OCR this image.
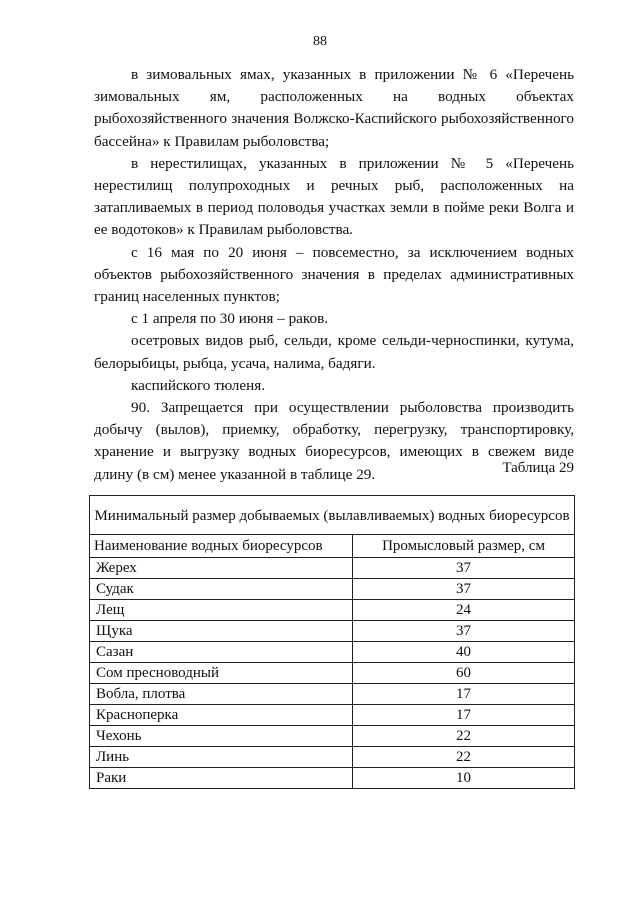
88

в зимовальных ямах, указанных в приложении № 6 «Перечень зимовальных ям, расположенных на водных объектах рыбохозяйственного значения Волжско-Каспийского рыбохозяйственного бассейна» к Правилам рыболовства;

в нерестилищах, указанных в приложении № 5 «Перечень нерестилищ полупроходных и речных рыб, расположенных на затапливаемых в период половодья участках земли в пойме реки Волга и ее водотоков» к Правилам рыболовства.

с 16 мая по 20 июня – повсеместно, за исключением водных объектов рыбохозяйственного значения в пределах административных границ населенных пунктов;

с 1 апреля по 30 июня – раков.

осетровых видов рыб, сельди, кроме сельди-черноспинки, кутума, белорыбицы, рыбца, усача, налима, бадяги.

каспийского тюленя.

90. Запрещается при осуществлении рыболовства производить добычу (вылов), приемку, обработку, перегрузку, транспортировку, хранение и выгрузку водных биоресурсов, имеющих в свежем виде длину (в см) менее указанной в таблице 29.	Таблица 29
Минимальный размер добываемых (вылавливаемых) водных биоресурсов	
Наименование водных биоресурсов	Промысловый размер, см
Жерех	37
Судак	37
Лещ	24
Щука	37
Сазан	40
Сом пресноводный	60
Вобла, плотва	17
Красноперка	17
Чехонь	22
Линь	22
Раки	10
